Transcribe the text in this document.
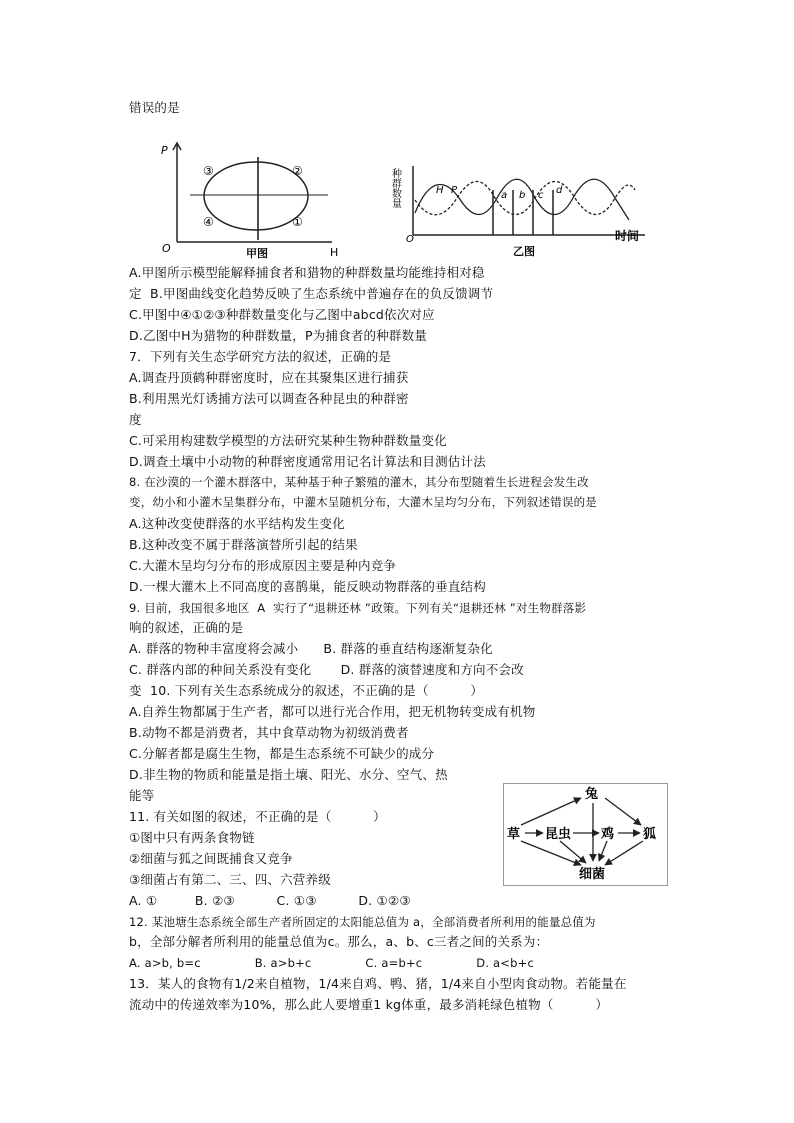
错误的是
P
H
O
③	②
④	①
甲图
种群数量
O
H P	a b c d
乙图
时间
A.甲图所示模型能解释捕食者和猎物的种群数量均能维持相对稳
定  B.甲图曲线变化趋势反映了生态系统中普遍存在的负反馈调节
C.甲图中④①②③种群数量变化与乙图中abcd依次对应
D.乙图中H为猎物的种群数量，P为捕食者的种群数量
7．下列有关生态学研究方法的叙述，正确的是
A.调查丹顶鹤种群密度时，应在其聚集区进行捕获
B.利用黑光灯诱捕方法可以调查各种昆虫的种群密
度
C.可采用构建数学模型的方法研究某种生物种群数量变化
D.调查土壤中小动物的种群密度通常用记名计算法和目测估计法
8. 在沙漠的一个灌木群落中，某种基于种子繁殖的灌木，其分布型随着生长进程会发生改
变，幼小和小灌木呈集群分布，中灌木呈随机分布，大灌木呈均匀分布，下列叙述错误的是
A.这种改变使群落的水平结构发生变化
B.这种改变不属于群落演替所引起的结果
C.大灌木呈均匀分布的形成原因主要是种内竞争
D.一棵大灌木上不同高度的喜鹊巢，能反映动物群落的垂直结构
9. 目前，我国很多地区  A  实行了“退耕还林 ”政策。下列有关“退耕还林 ”对生物群落影
响的叙述，正确的是
A. 群落的物种丰富度将会减小      B. 群落的垂直结构逐渐复杂化
C. 群落内部的种间关系没有变化       D. 群落的演替速度和方向不会改
变  10. 下列有关生态系统成分的叙述，不正确的是（          ）
A.自养生物都属于生产者，都可以进行光合作用，把无机物转变成有机物
B.动物不都是消费者，其中食草动物为初级消费者
C.分解者都是腐生生物，都是生态系统不可缺少的成分
D.非生物的物质和能量是指土壤、阳光、水分、空气、热
能等
11. 有关如图的叙述，不正确的是（          ）
①图中只有两条食物链
②细菌与狐之间既捕食又竞争
③细菌占有第二、三、四、六营养级
A. ①         B. ②③          C. ①③          D. ①②③
12. 某池塘生态系统全部生产者所固定的太阳能总值为 a，全部消费者所利用的能量总值为
b，全部分解者所利用的能量总值为c。那么，a、b、c三者之间的关系为：
A. a>b, b=c              B. a>b+c              C. a=b+c              D. a<b+c
13．某人的食物有1/2来自植物，1/4来自鸡、鸭、猪，1/4来自小型肉食动物。若能量在
流动中的传递效率为10%，那么此人要增重1 kg体重，最多消耗绿色植物（          ）
草 昆虫 鸡
兔
狐
细菌
